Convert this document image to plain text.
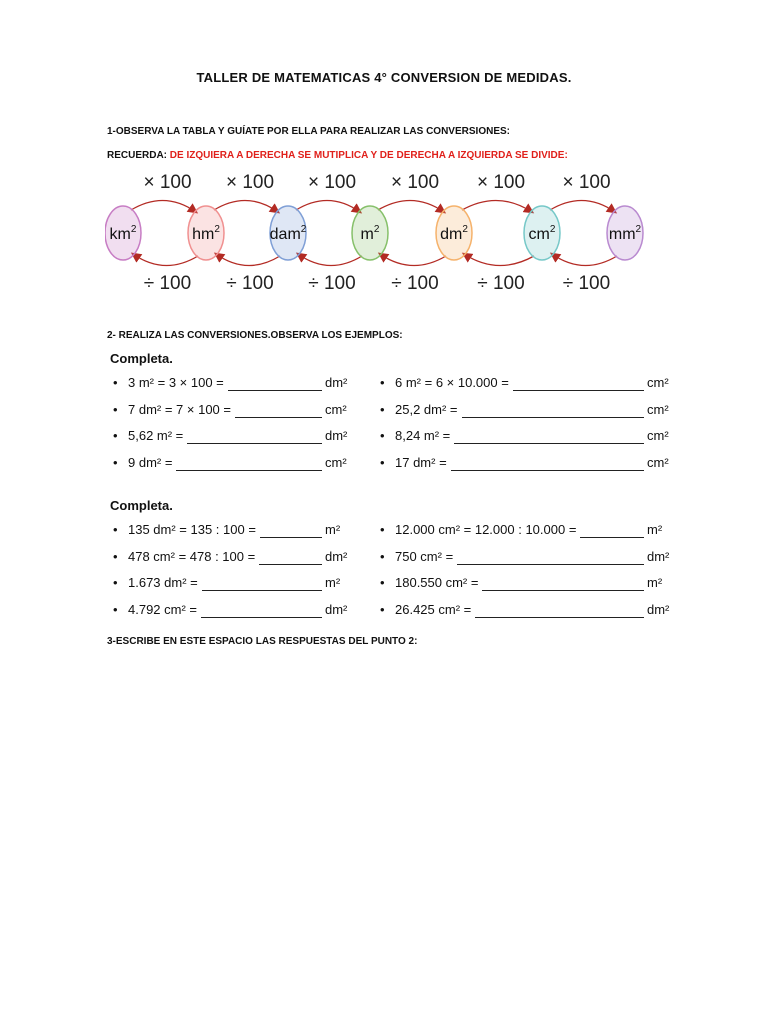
TALLER DE MATEMATICAS 4° CONVERSION DE MEDIDAS.
1-OBSERVA LA TABLA Y GUÍATE POR ELLA PARA REALIZAR LAS CONVERSIONES:
RECUERDA: DE IZQUIERA A DERECHA SE MUTIPLICA Y DE DERECHA A IZQUIERDA SE DIVIDE:
× 100
÷ 100
× 100
÷ 100
× 100
÷ 100
× 100
÷ 100
× 100
÷ 100
× 100
÷ 100
$km^2$	$hm^2$	dam$^2$	$m^2$	$dm^2$	$cm^2$	$mm^2$
2- REALIZA LAS CONVERSIONES.OBSERVA LOS EJEMPLOS:
Completa.
• 3 m² = 3 × 100 =	dm²	• 6 m² = 6 × 10.000 =	cm²
• 7 dm² = 7 × 100 =	cm²	• 25,2 dm² =	cm²
• 5,62 m² =	dm²	• 8,24 m² =	cm²
• 9 dm² =	cm²	• 17 dm² =	cm²
Completa.
• 135 dm² = 135 : 100 =	m²	• 12.000 cm² = 12.000 : 10.000 =	m²
• 478 cm² = 478 : 100 =	dm²	• 750 cm² =	dm²
• 1.673 dm² =	m²	• 180.550 cm² =	m²
• 4.792 cm² =	dm²	• 26.425 cm² =	dm²
3-ESCRIBE EN ESTE ESPACIO LAS RESPUESTAS DEL PUNTO 2:
